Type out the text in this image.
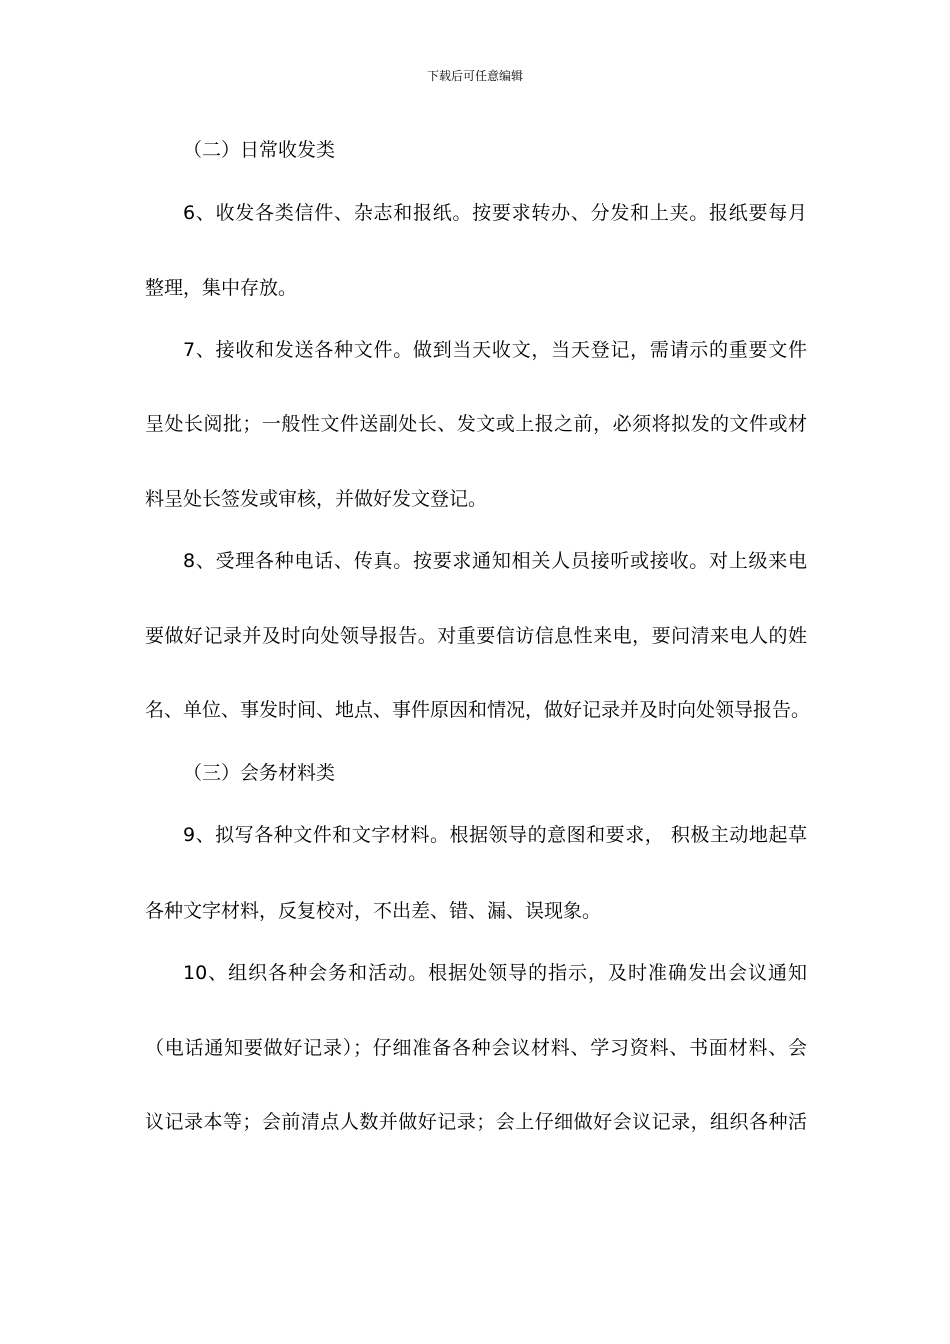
下载后可任意编辑
（二）日常收发类
6、收发各类信件、杂志和报纸。按要求转办、分发和上夹。报纸要每月
整理，集中存放。
7、接收和发送各种文件。做到当天收文，当天登记，需请示的重要文件
呈处长阅批；一般性文件送副处长、发文或上报之前，必须将拟发的文件或材
料呈处长签发或审核，并做好发文登记。
8、受理各种电话、传真。按要求通知相关人员接听或接收。对上级来电
要做好记录并及时向处领导报告。对重要信访信息性来电，要问清来电人的姓
名、单位、事发时间、地点、事件原因和情况，做好记录并及时向处领导报告。
（三）会务材料类
9、拟写各种文件和文字材料。根据领导的意图和要求， 积极主动地起草
各种文字材料，反复校对，不出差、错、漏、误现象。
10、组织各种会务和活动。根据处领导的指示，及时准确发出会议通知
（电话通知要做好记录）；仔细准备各种会议材料、学习资料、书面材料、会
议记录本等；会前清点人数并做好记录；会上仔细做好会议记录，组织各种活
